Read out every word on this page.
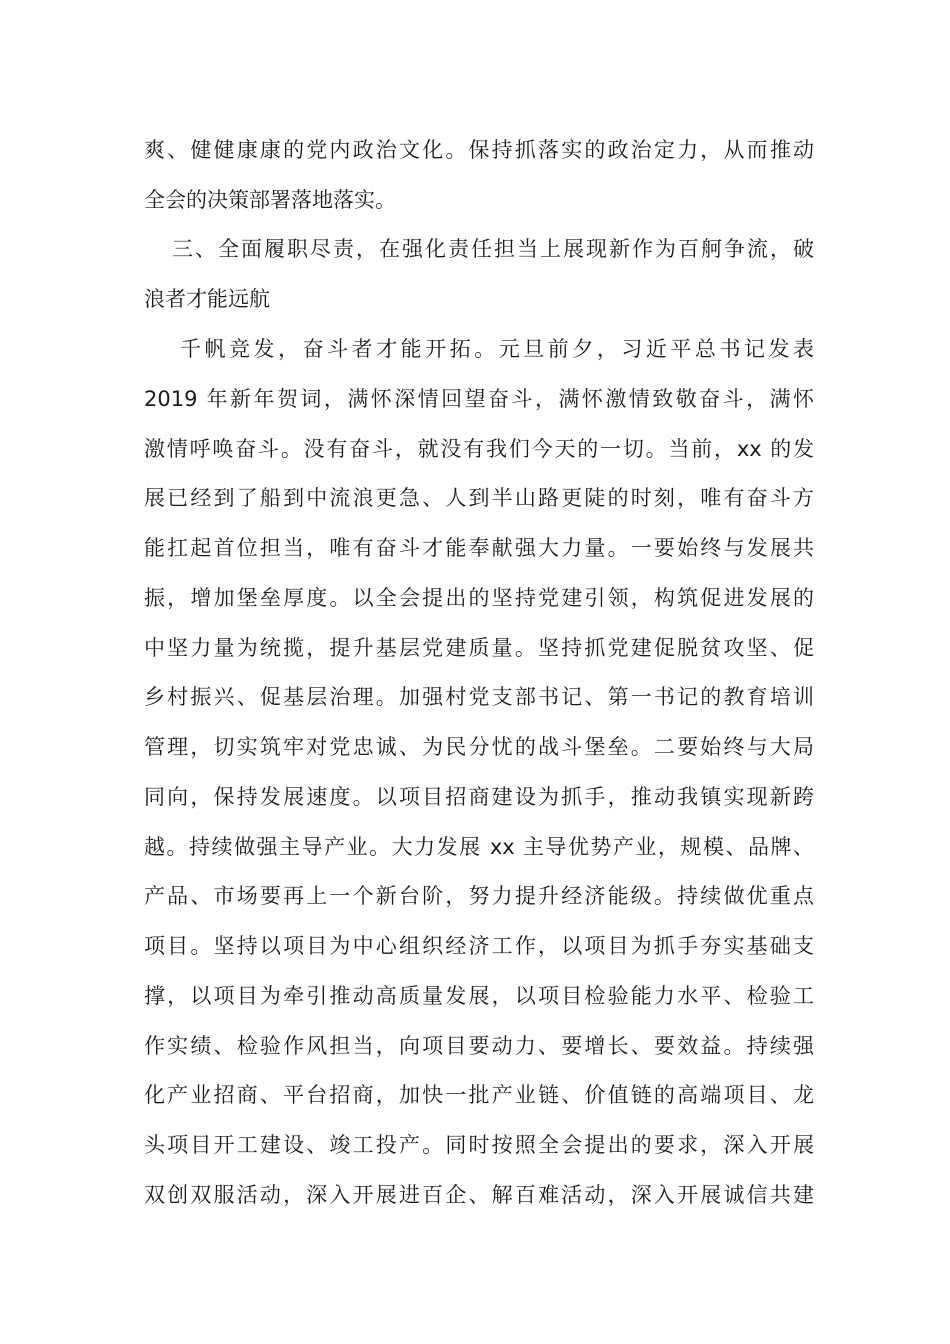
爽、健健康康的党内政治文化。保持抓落实的政治定力，从而推动
全会的决策部署落地落实。
三、全面履职尽责，在强化责任担当上展现新作为百舸争流，破
浪者才能远航
千帆竞发，奋斗者才能开拓。元旦前夕，习近平总书记发表
2019 年新年贺词，满怀深情回望奋斗，满怀激情致敬奋斗，满怀
激情呼唤奋斗。没有奋斗，就没有我们今天的一切。当前，xx 的发
展已经到了船到中流浪更急、人到半山路更陡的时刻，唯有奋斗方
能扛起首位担当，唯有奋斗才能奉献强大力量。一要始终与发展共
振，增加堡垒厚度。以全会提出的坚持党建引领，构筑促进发展的
中坚力量为统揽，提升基层党建质量。坚持抓党建促脱贫攻坚、促
乡村振兴、促基层治理。加强村党支部书记、第一书记的教育培训
管理，切实筑牢对党忠诚、为民分忧的战斗堡垒。二要始终与大局
同向，保持发展速度。以项目招商建设为抓手，推动我镇实现新跨
越。持续做强主导产业。大力发展 xx 主导优势产业，规模、品牌、
产品、市场要再上一个新台阶，努力提升经济能级。持续做优重点
项目。坚持以项目为中心组织经济工作，以项目为抓手夯实基础支
撑，以项目为牵引推动高质量发展，以项目检验能力水平、检验工
作实绩、检验作风担当，向项目要动力、要增长、要效益。持续强
化产业招商、平台招商，加快一批产业链、价值链的高端项目、龙
头项目开工建设、竣工投产。同时按照全会提出的要求，深入开展
双创双服活动，深入开展进百企、解百难活动，深入开展诚信共建
